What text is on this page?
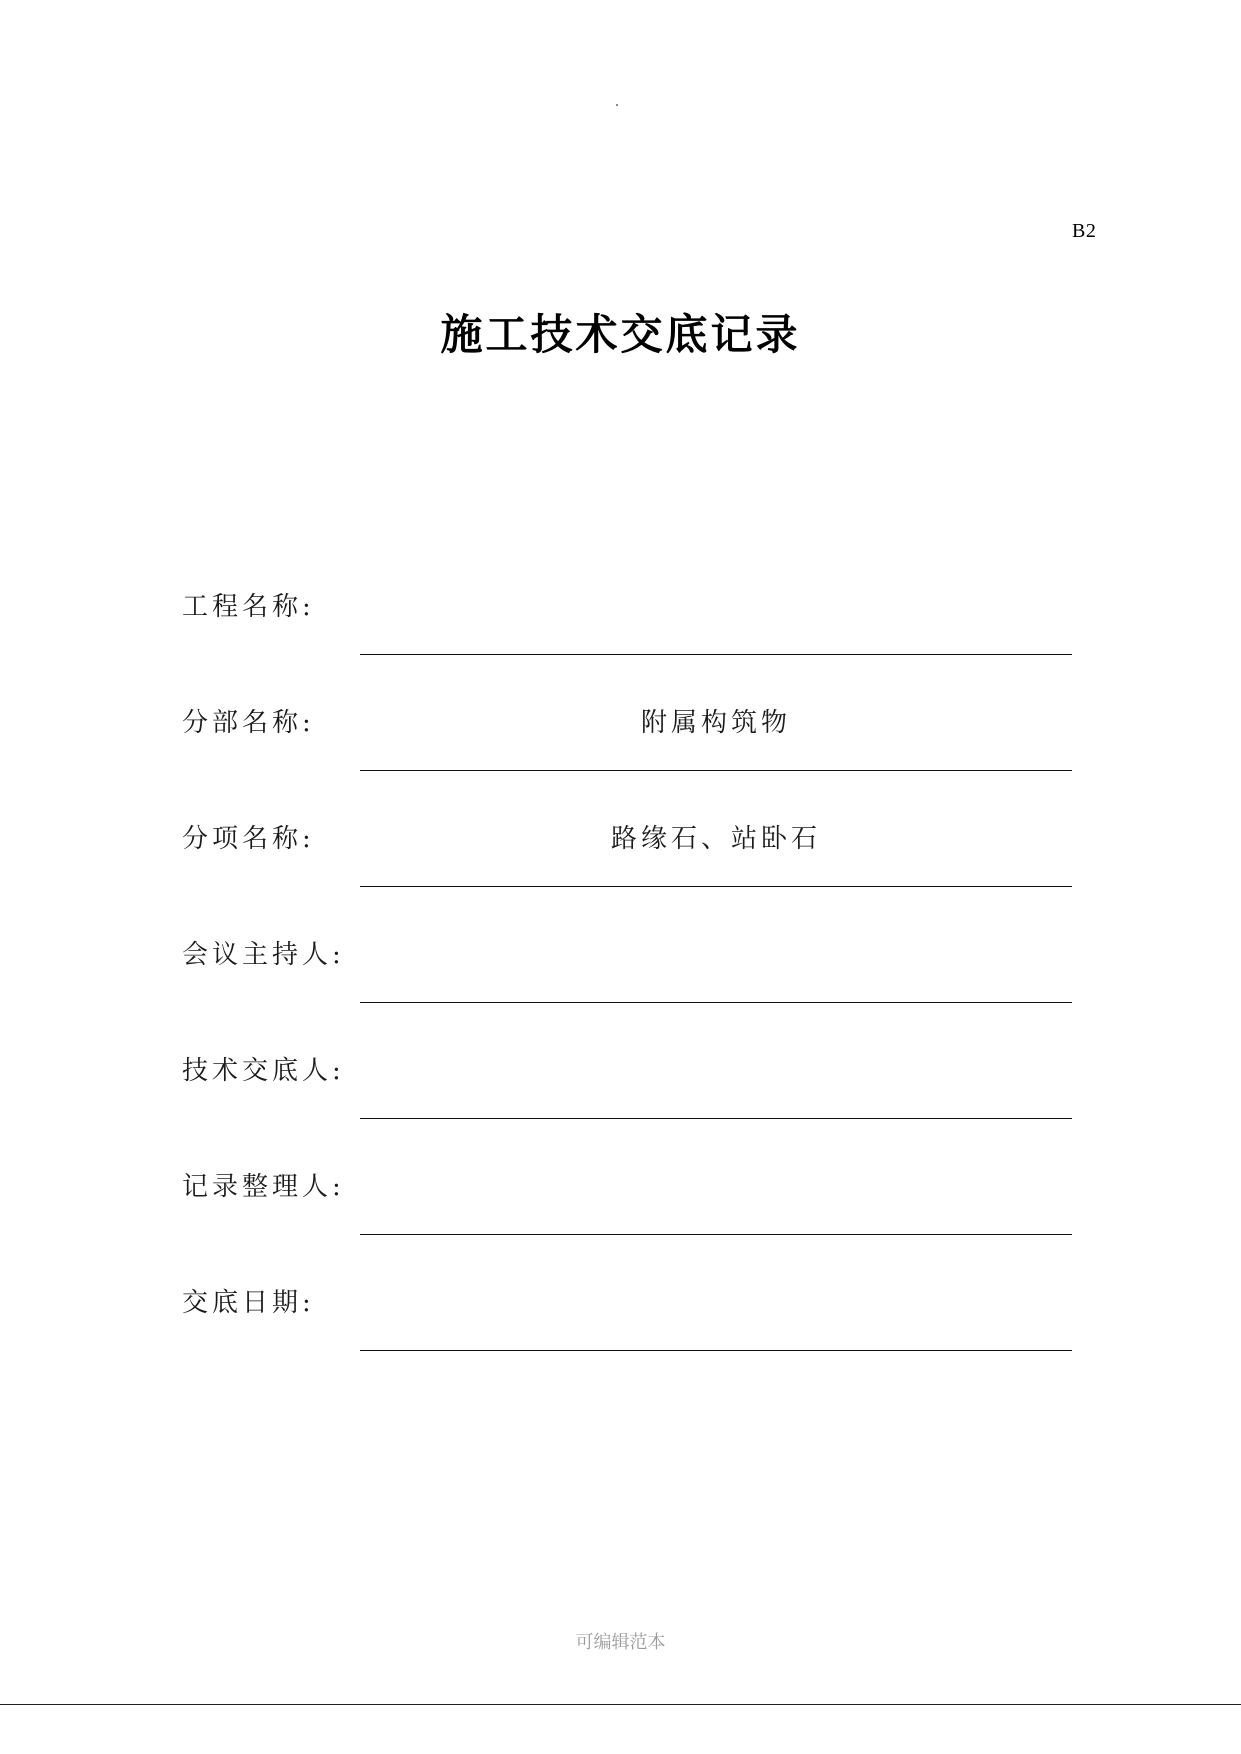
B2
施工技术交底记录
工程名称:
分部名称:	附属构筑物
分项名称:	路缘石、站卧石
会议主持人:
技术交底人:
记录整理人:
交底日期:
可编辑范本
